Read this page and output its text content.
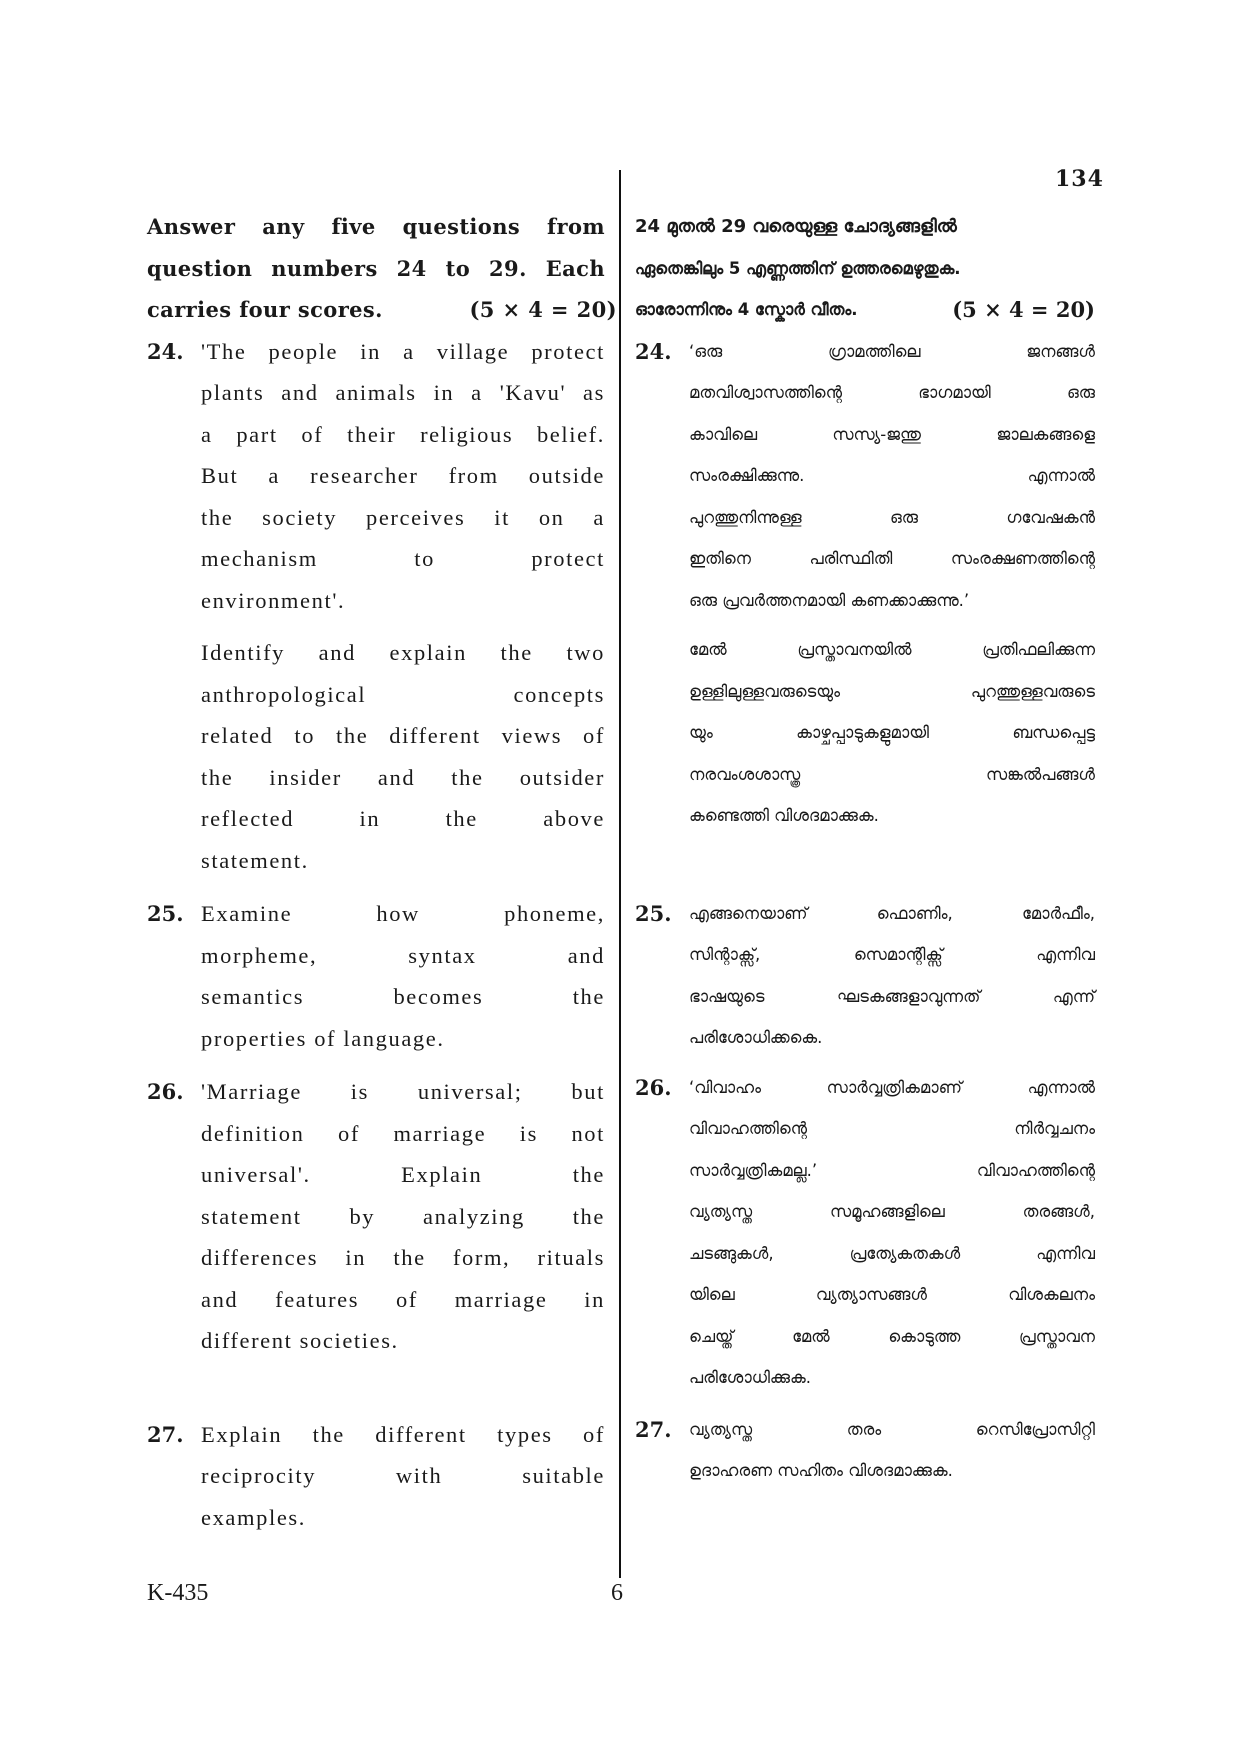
134
Answer any five questions from
question numbers 24 to 29. Each
carries four scores.	(5 × 4 = 20)
24. 'The people in a village protect
plants and animals in a 'Kavu' as
a part of their religious belief.
But a researcher from outside
the society perceives it on a
mechanism to protect
environment'.
Identify and explain the two
anthropological concepts
related to the different views of
the insider and the outsider
reflected in the above
statement.
25. Examine how phoneme,
morpheme, syntax and
semantics becomes the
properties of language.
26. 'Marriage is universal; but
definition of marriage is not
universal'. Explain the
statement by analyzing the
differences in the form, rituals
and features of marriage in
different societies.
27. Explain the different types of
reciprocity with suitable
examples.
24 മുതൽ 29 വരെയുള്ള ചോദ്യങ്ങളിൽ
ഏതെങ്കിലും 5 എണ്ണത്തിന് ഉത്തരമെഴുതുക.
ഓരോന്നിനും 4 സ്കോർ വീതം.	(5 × 4 = 20)
24.	‘ഒരു ഗ്രാമത്തിലെ ജനങ്ങൾ
മതവിശ്വാസത്തിന്റെ ഭാഗമായി ഒരു
കാവിലെ സസ്യ-ജന്തു ജാലകങ്ങളെ
സംരക്ഷിക്കുന്നു. എന്നാൽ
പുറത്തുനിന്നുള്ള ഒരു ഗവേഷകൻ
ഇതിനെ പരിസ്ഥിതി സംരക്ഷണത്തിന്റെ
ഒരു പ്രവർത്തനമായി കണക്കാക്കുന്നു.’
മേൽ പ്രസ്താവനയിൽ പ്രതിഫലിക്കുന്ന
ഉള്ളിലുള്ളവരുടെയും പുറത്തുള്ളവരുടെ
യും കാഴ്ചപ്പാടുകളുമായി ബന്ധപ്പെട്ട
നരവംശശാസ്ത്ര സങ്കൽപങ്ങൾ
കണ്ടെത്തി വിശദമാക്കുക.
25.	എങ്ങനെയാണ് ഫൊണിം, മോർഫീം,
സിന്റാക്സ്, സെമാന്റിക്സ് എന്നിവ
ഭാഷയുടെ ഘടകങ്ങളാവുന്നത് എന്ന്
പരിശോധിക്കകെ.
26.	‘വിവാഹം സാർവ്വത്രികമാണ് എന്നാൽ
വിവാഹത്തിന്റെ നിർവ്വചനം
സാർവ്വത്രികമല്ല.’ വിവാഹത്തിന്റെ
വ്യത്യസ്ത സമൂഹങ്ങളിലെ തരങ്ങൾ,
ചടങ്ങുകൾ, പ്രത്യേകതകൾ എന്നിവ
യിലെ വ്യത്യാസങ്ങൾ വിശകലനം
ചെയ്ത് മേൽ കൊടുത്ത പ്രസ്താവന
പരിശോധിക്കുക.
27.	വ്യത്യസ്ത തരം റെസിപ്രോസിറ്റി
ഉദാഹരണ സഹിതം വിശദമാക്കുക.
K-435	6
